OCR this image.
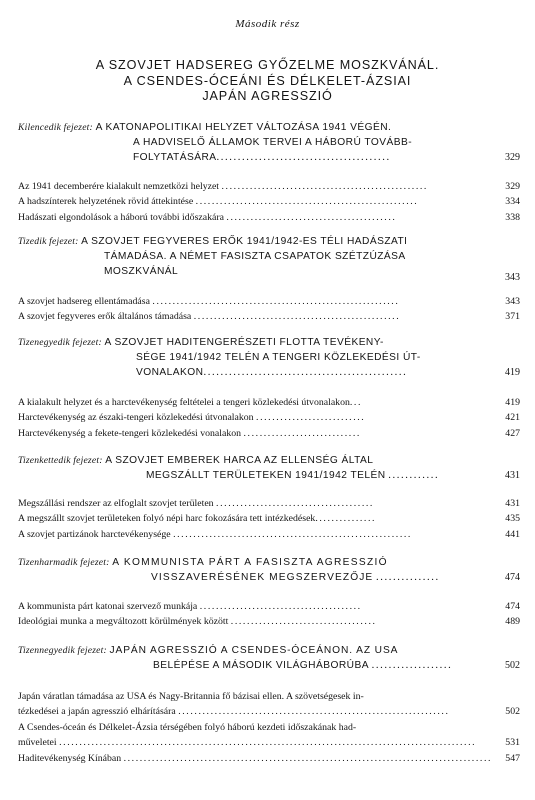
Második rész
A SZOVJET HADSEREG GYŐZELME MOSZKVÁNÁL.
A CSENDES-ÓCEÁNI ÉS DÉLKELET-ÁZSIAI
JAPÁN AGRESSZIÓ
Kilencedik fejezet: A KATONAPOLITIKAI HELYZET VÁLTOZÁSA 1941 VÉGÉN.
A HADVISELŐ ÁLLAMOK TERVEI A HÁBORÚ TOVÁBB-
FOLYTATÁSÁRA.........................................	329
Az 1941 decemberére kialakult nemzetközi helyzet ...................................................	329
A hadszínterek helyzetének rövid áttekintése .......................................................	334
Hadászati elgondolások a háború további időszakára ..........................................	338
Tizedik fejezet: A SZOVJET FEGYVERES ERŐK 1941/1942-ES TÉLI HADÁSZATI
TÁMADÁSA. A NÉMET FASISZTA CSAPATOK SZÉTZÚZÁSA
MOSZKVÁNÁL
343
A szovjet hadsereg ellentámadása .............................................................	343
A szovjet fegyveres erők általános támadása ...................................................	371
Tizenegyedik fejezet: A SZOVJET HADITENGERÉSZETI FLOTTA TEVÉKENY-
SÉGE 1941/1942 TELÉN A TENGERI KÖZLEKEDÉSI ÚT-
VONALAKON................................................	419
A kialakult helyzet és a harctevékenység feltételei a tengeri közlekedési útvonalakon...	419
Harctevékenység az északi-tengeri közlekedési útvonalakon ...........................	421
Harctevékenység a fekete-tengeri közlekedési vonalakon .............................	427
Tizenkettedik fejezet: A SZOVJET EMBEREK HARCA AZ ELLENSÉG ÁLTAL
MEGSZÁLLT TERÜLETEKEN 1941/1942 TELÉN ............	431
Megszállási rendszer az elfoglalt szovjet területen .......................................	431
A megszállt szovjet területeken folyó népi harc fokozására tett intézkedések...............	435
A szovjet partizánok harctevékenysége ...........................................................	441
Tizenharmadik fejezet: A KOMMUNISTA PÁRT A FASISZTA AGRESSZIÓ
VISSZAVERÉSÉNEK MEGSZERVEZŐJE ...............	474
A kommunista párt katonai szervező munkája ........................................	474
Ideológiai munka a megváltozott körülmények között ....................................	489
Tizennegyedik fejezet: JAPÁN AGRESSZIÓ A CSENDES-ÓCEÁNON. AZ USA
BELÉPÉSE A MÁSODIK VILÁGHÁBORÚBA ...................	502
Japán váratlan támadása az USA és Nagy-Britannia fő bázisai ellen. A szövetségesek in-
tézkedései a japán agresszió elhárítására ...................................................................	502
A Csendes-óceán és Délkelet-Ázsia térségében folyó háború kezdeti időszakának had-
műveletei .......................................................................................................	531
Haditevékenység Kínában ...........................................................................................	547
